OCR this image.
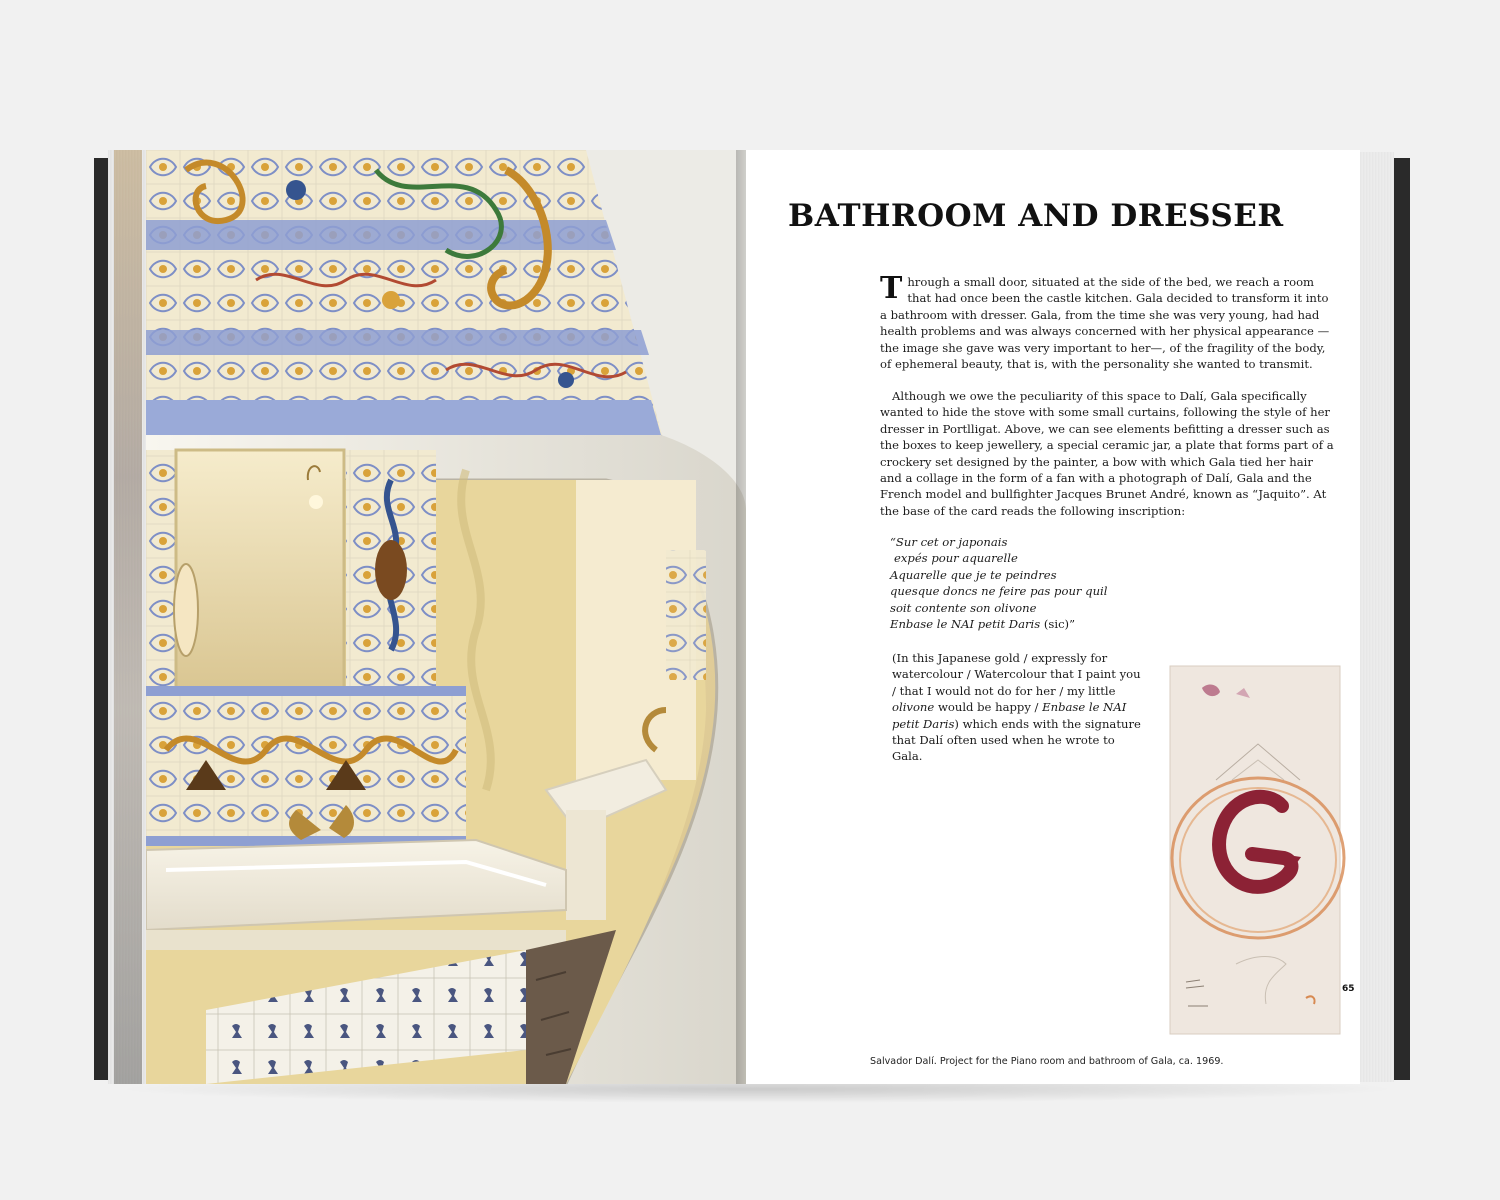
BATHROOM AND DRESSER
T hrough a small door, situated at the side of the bed, we reach a room that had once been the castle kitchen. Gala decided to transform it into a bathroom with dresser. Gala, from the time she was very young, had had health problems and was always concerned with her physical appearance —the image she gave was very important to her—, of the fragility of the body, of ephemeral beauty, that is, with the personality she wanted to transmit.
Although we owe the peculiarity of this space to Dalí, Gala specifically wanted to hide the stove with some small curtains, following the style of her dresser in Portlligat. Above, we can see elements befitting a dresser such as the boxes to keep jewellery, a special ceramic jar, a plate that forms part of a crockery set designed by the painter, a bow with which Gala tied her hair and a collage in the form of a fan with a photograph of Dalí, Gala and the French model and bullfighter Jacques Brunet André, known as “Jaquito”. At the base of the card reads the following inscription:
“Sur cet or japonais
expés pour aquarelle
Aquarelle que je te peindres
quesque doncs ne feire pas pour quil
soit contente son olivone
Enbase le NAI petit Daris (sic)”
(In this Japanese gold / expressly for watercolour / Watercolour that I paint you / that I would not do for her / my little olivone would be happy / Enbase le NAI petit Daris) which ends with the signature that Dalí often used when he wrote to Gala.
65
Salvador Dalí. Project for the Piano room and bathroom of Gala, ca. 1969.
